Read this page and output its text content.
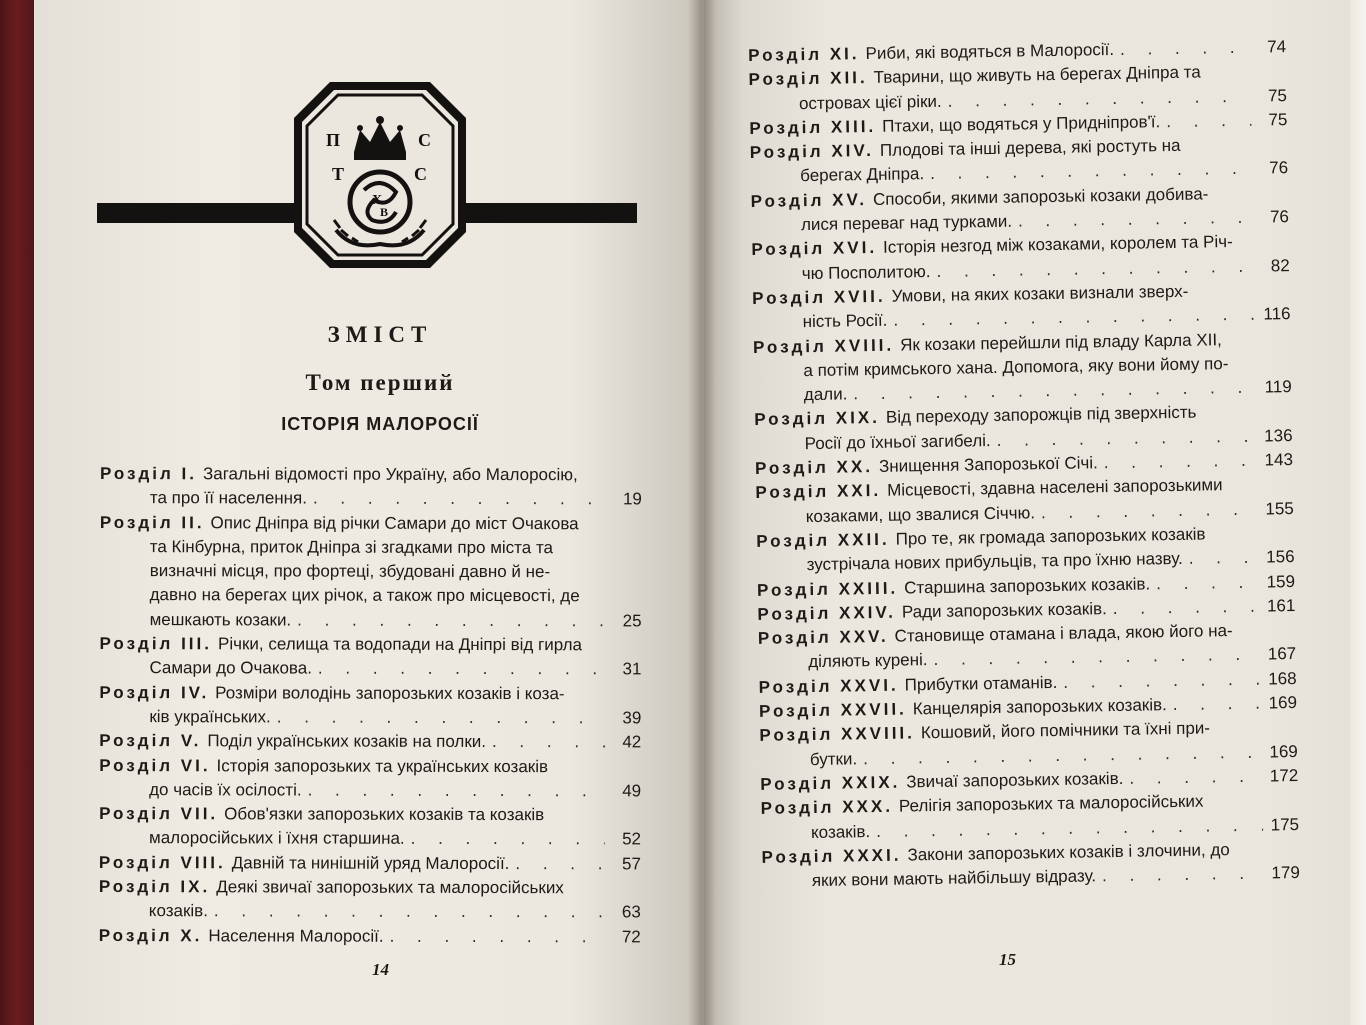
П	С
Т	С
Х
В
ЗМІСТ
Том перший
ІСТОРІЯ МАЛОРОСІЇ
Розділ І. Загальні відомості про Україну, або Малоросію,
та про її населення. . . .	19
Розділ ІІ. Опис Дніпра від річки Самари до міст Очакова
та Кінбурна, приток Дніпра зі згадками про міста та
визначні місця, про фортеці, збудовані давно й не-
давно на берегах цих річок, а також про місцевості, де
мешкають козаки. . . .	25
Розділ ІІІ. Річки, селища та водопади на Дніпрі від гирла
Самари до Очакова. . . .	31
Розділ IV. Розміри володінь запорозьких козаків і коза-
ків українських. . . .	39
Розділ V. Поділ українських козаків на полки. . . .	42
Розділ VI. Історія запорозьких та українських козаків
до часів їх осілості. . . .	49
Розділ VII. Обов'язки запорозьких козаків та козаків
малоросійських і їхня старшина. . . .	52
Розділ VIII. Давній та нинішній уряд Малоросії. . . .	57
Розділ IX. Деякі звичаї запорозьких та малоросійських
козаків. . . .	63
Розділ X. Населення Малоросії. . . .	72
Розділ XI. Риби, які водяться в Малоросії. . . .	74
Розділ XII. Тварини, що живуть на берегах Дніпра та
островах цієї ріки. . . .	75
Розділ XIII. Птахи, що водяться у Придніпров'ї. . . .	75
Розділ XIV. Плодові та інші дерева, які ростуть на
берегах Дніпра. . . .	76
Розділ XV. Способи, якими запорозькі козаки добива-
лися переваг над турками. . . .	76
Розділ XVI. Історія незгод між козаками, королем та Річ-
чю Посполитою. . . .	82
Розділ XVII. Умови, на яких козаки визнали зверх-
ність Росії. . . .	116
Розділ XVIII. Як козаки перейшли під владу Карла XII,
а потім кримського хана. Допомога, яку вони йому по-
дали. . . .	119
Розділ XIX. Від переходу запорожців під зверхність
Росії до їхньої загибелі. . . .	136
Розділ XX. Знищення Запорозької Січі. . . .	143
Розділ XXI. Місцевості, здавна населені запорозькими
козаками, що звалися Січчю. . . .	155
Розділ XXII. Про те, як громада запорозьких козаків
зустрічала нових прибульців, та про їхню назву. . . .	156
Розділ XXIII. Старшина запорозьких козаків. . . .	159
Розділ XXIV. Ради запорозьких козаків. . . .	161
Розділ XXV. Становище отамана і влада, якою його на-
діляють курені. . . .	167
Розділ XXVI. Прибутки отаманів. . . .	168
Розділ XXVII. Канцелярія запорозьких козаків. . . .	169
Розділ XXVIII. Кошовий, його помічники та їхні при-
бутки. . . .	169
Розділ XXIX. Звичаї запорозьких козаків. . . .	172
Розділ XXX. Релігія запорозьких та малоросійських
козаків. . . .	175
Розділ XXXI. Закони запорозьких козаків і злочини, до
яких вони мають найбільшу відразу. . . .	179
14
15
